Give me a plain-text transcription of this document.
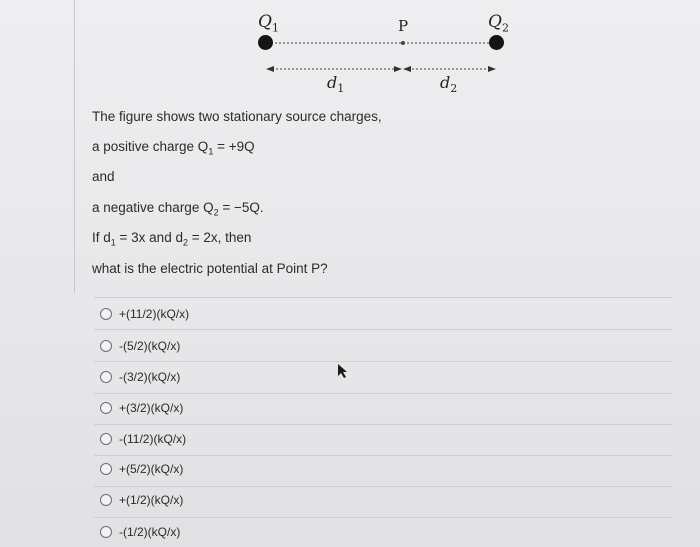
$Q_1$	P	$Q_2$
$d_1$	$d_2$
The figure shows two stationary source charges,
a positive charge $Q_1 = +9Q$
and
a negative charge $Q_2 = -5Q$.
If $d_1 = 3x$ and $d_2 = 2x$, then
what is the electric potential at Point P?
+(11/2)(kQ/x)
-(5/2)(kQ/x)
-(3/2)(kQ/x)
+(3/2)(kQ/x)
-(11/2)(kQ/x)
+(5/2)(kQ/x)
+(1/2)(kQ/x)
-(1/2)(kQ/x)
